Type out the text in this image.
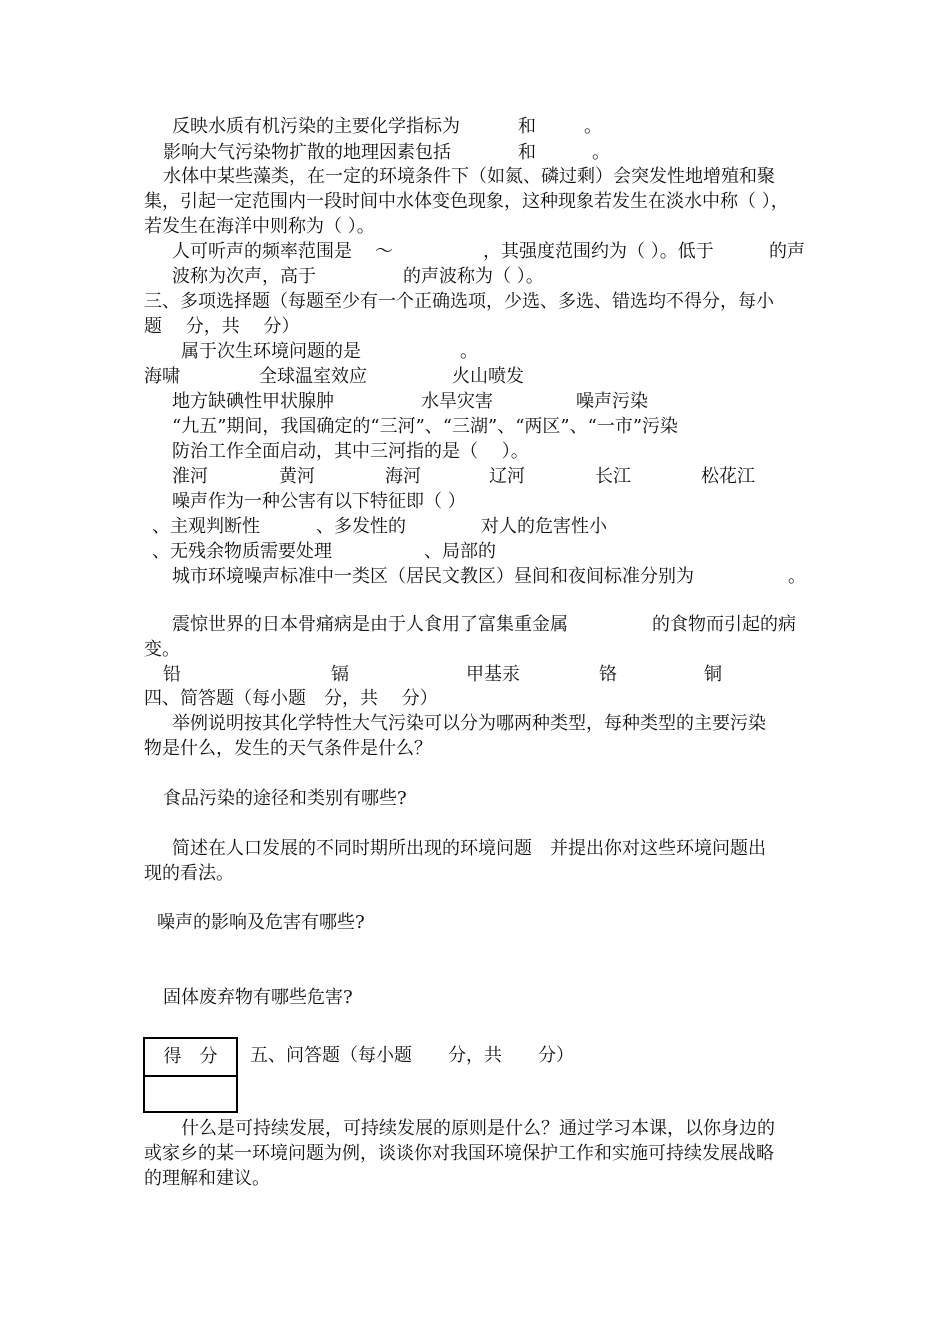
反映水质有机污染的主要化学指标为	和	。
影响大气污染物扩散的地理因素包括	和	。
水体中某些藻类，在一定的环境条件下（如氮、磷过剩）会突发性地增殖和聚
集，引起一定范围内一段时间中水体变色现象，这种现象若发生在淡水中称（ ），
若发生在海洋中则称为（ ）。
人可听声的频率范围是 ～	，其强度范围约为（ ）。低于	的声
波称为次声，高于	的声波称为（ ）。
三、多项选择题（每题至少有一个正确选项，少选、多选、错选均不得分，每小
题　 分，共　 分）
属于次生环境问题的是	。
海啸	全球温室效应	火山喷发
地方缺碘性甲状腺肿	水旱灾害	噪声污染
“九五”期间，我国确定的“三河”、“三湖”、“两区”、“一市”污染
防治工作全面启动，其中三河指的是（　 ）。
淮河	黄河	海河	辽河	长江	松花江
噪声作为一种公害有以下特征即（ ）
、主观判断性	、多发性的	对人的危害性小
、无残余物质需要处理	、局部的
城市环境噪声标准中一类区（居民文教区）昼间和夜间标准分别为	。
震惊世界的日本骨痛病是由于人食用了富集重金属	的食物而引起的病
变。
铅	镉	甲基汞	铬	铜
四、简答题（每小题　分，共　 分）
举例说明按其化学特性大气污染可以分为哪两种类型，每种类型的主要污染
物是什么，发生的天气条件是什么？
食品污染的途径和类别有哪些?
简述在人口发展的不同时期所出现的环境问题　并提出你对这些环境问题出
现的看法。
噪声的影响及危害有哪些?
固体废弃物有哪些危害?
得　分	五、问答题（每小题　　分，共　　分）
什么是可持续发展，可持续发展的原则是什么？通过学习本课，以你身边的
或家乡的某一环境问题为例，谈谈你对我国环境保护工作和实施可持续发展战略
的理解和建议。
